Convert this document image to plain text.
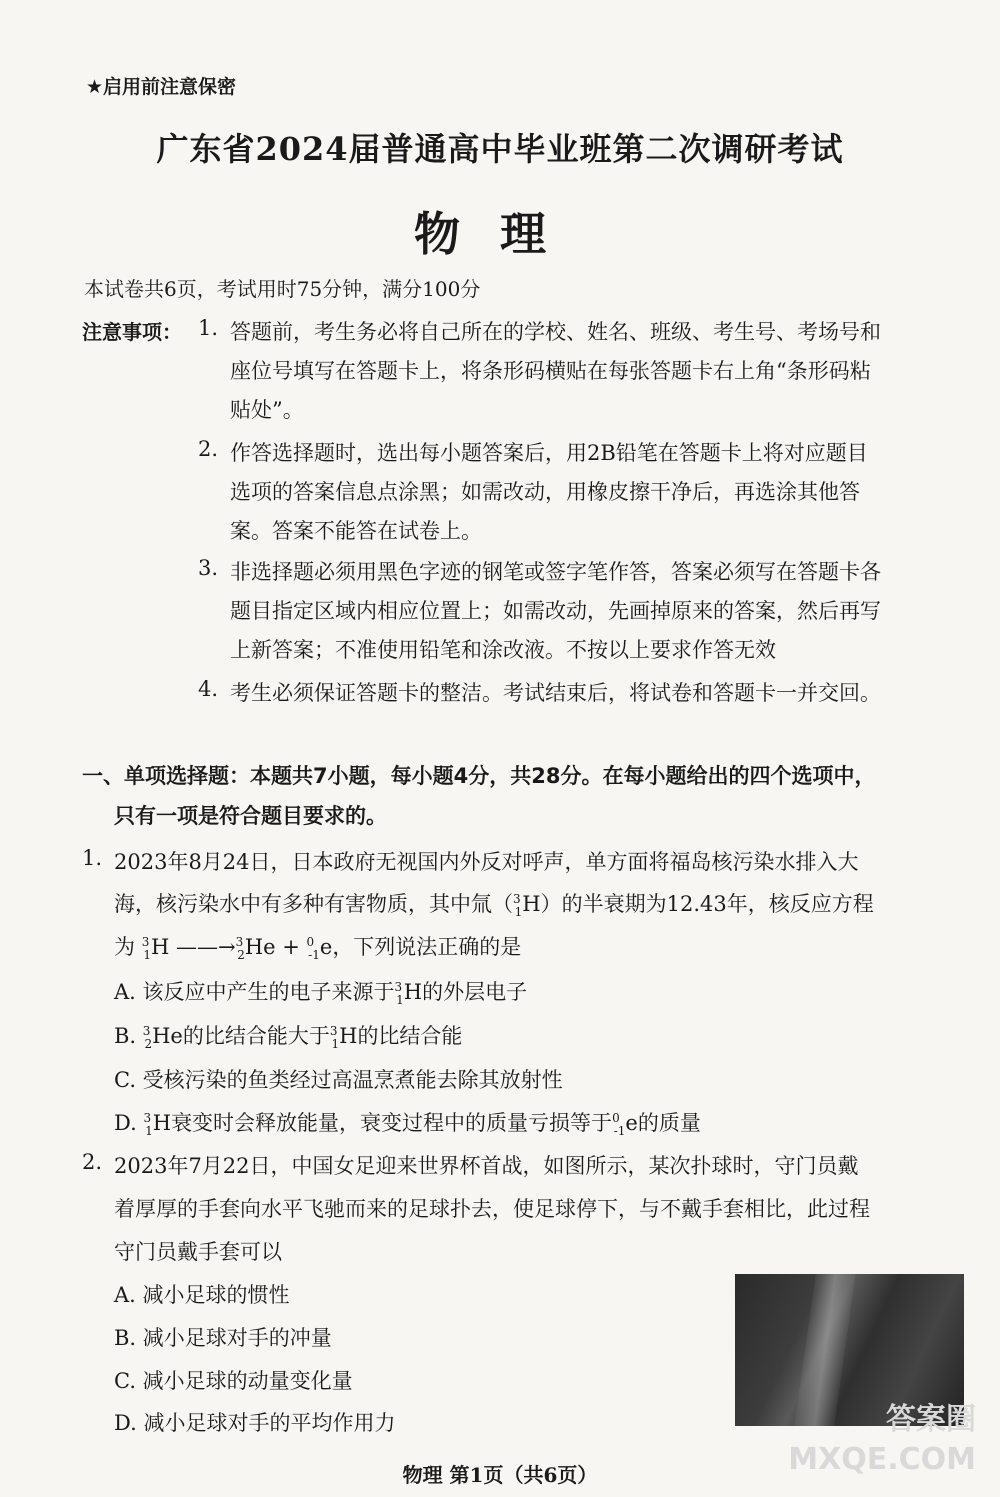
★启用前注意保密
广东省2024届普通高中毕业班第二次调研考试
物理
本试卷共6页，考试用时75分钟，满分100分
注意事项： 1. 答题前，考生务必将自己所在的学校、姓名、班级、考生号、考场号和
座位号填写在答题卡上，将条形码横贴在每张答题卡右上角“条形码粘
贴处”。
2. 作答选择题时，选出每小题答案后，用2B铅笔在答题卡上将对应题目
选项的答案信息点涂黑；如需改动，用橡皮擦干净后，再选涂其他答
案。答案不能答在试卷上。
3. 非选择题必须用黑色字迹的钢笔或签字笔作答，答案必须写在答题卡各
题目指定区域内相应位置上；如需改动，先画掉原来的答案，然后再写
上新答案；不准使用铅笔和涂改液。不按以上要求作答无效
4. 考生必须保证答题卡的整洁。考试结束后，将试卷和答题卡一并交回。
一、单项选择题：本题共7小题，每小题4分，共28分。在每小题给出的四个选项中，
只有一项是符合题目要求的。
1. 2023年8月24日，日本政府无视国内外反对呼声，单方面将福岛核污染水排入大
海，核污染水中有多种有害物质，其中氚（$^3_1$H）的半衰期为12.43年，核反应方程
为 $^3_1$H ——→$^3_2$He + $^0_{-1}$e，下列说法正确的是
A. 该反应中产生的电子来源于$^3_1$H的外层电子
B. $^3_2$He的比结合能大于$^3_1$H的比结合能
C. 受核污染的鱼类经过高温烹煮能去除其放射性
D. $^3_1$H衰变时会释放能量，衰变过程中的质量亏损等于$^0_{-1}$e的质量
2. 2023年7月22日，中国女足迎来世界杯首战，如图所示，某次扑球时，守门员戴
着厚厚的手套向水平飞驰而来的足球扑去，使足球停下，与不戴手套相比，此过程
守门员戴手套可以
A. 减小足球的惯性
B. 减小足球对手的冲量
C. 减小足球的动量变化量
D. 减小足球对手的平均作用力	答案圈
MXQE.COM
物理 第1页（共6页）
